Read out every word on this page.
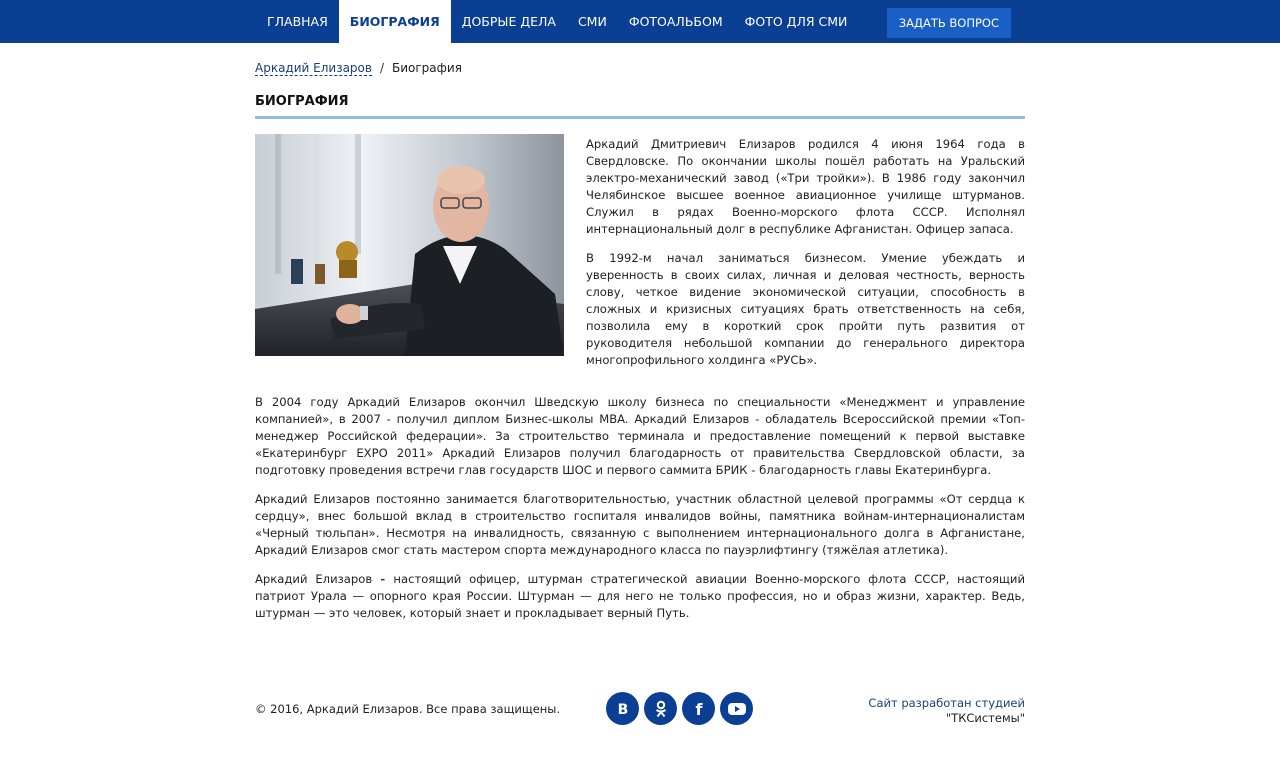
ГЛАВНАЯ	БИОГРАФИЯ	ДОБРЫЕ ДЕЛА	СМИ	ФОТОАЛЬБОМ	ФОТО ДЛЯ СМИ	ЗАДАТЬ ВОПРОС
Аркадий Елизаров / Биография
БИОГРАФИЯ

Аркадий Дмитриевич Елизаров родился 4 июня 1964 года в Свердловске. По окончании школы пошёл работать на Уральский электро-механический завод («Три тройки»). В 1986 году закончил Челябинское высшее военное авиационное училище штурманов. Служил в рядах Военно-морского флота СССР. Исполнял интернациональный долг в республике Афганистан. Офицер запаса.

В 1992-м начал заниматься бизнесом. Умение убеждать и уверенность в своих силах, личная и деловая честность, верность слову, четкое видение экономической ситуации, способность в сложных и кризисных ситуациях брать ответственность на себя, позволила ему в короткий срок пройти путь развития от руководителя небольшой компании до генерального директора многопрофильного холдинга «РУСЬ».

В 2004 году Аркадий Елизаров окончил Шведскую школу бизнеса по специальности «Менеджмент и управление компанией», в 2007 - получил диплом Бизнес-школы MBA. Аркадий Елизаров - обладатель Всероссийской премии «Топ-менеджер Российской федерации». За строительство терминала и предоставление помещений к первой выставке «Екатеринбург EXPO 2011» Аркадий Елизаров получил благодарность от правительства Свердловской области, за подготовку проведения встречи глав государств ШОС и первого саммита БРИК - благодарность главы Екатеринбурга.

Аркадий Елизаров постоянно занимается благотворительностью, участник областной целевой программы «От сердца к сердцу», внес большой вклад в строительство госпиталя инвалидов войны, памятника войнам-интернационалистам «Черный тюльпан». Несмотря на инвалидность, связанную с выполнением интернационального долга в Афганистане, Аркадий Елизаров смог стать мастером спорта международного класса по пауэрлифтингу (тяжёлая атлетика).

Аркадий Елизаров - настоящий офицер, штурман стратегической авиации Военно-морского флота СССР, настоящий патриот Урала — опорного края России. Штурман — для него не только профессия, но и образ жизни, характер. Ведь, штурман — это человек, который знает и прокладывает верный Путь.

© 2016, Аркадий Елизаров. Все права защищены.	B	f	Сайт разработан студией
"ТКСистемы"
